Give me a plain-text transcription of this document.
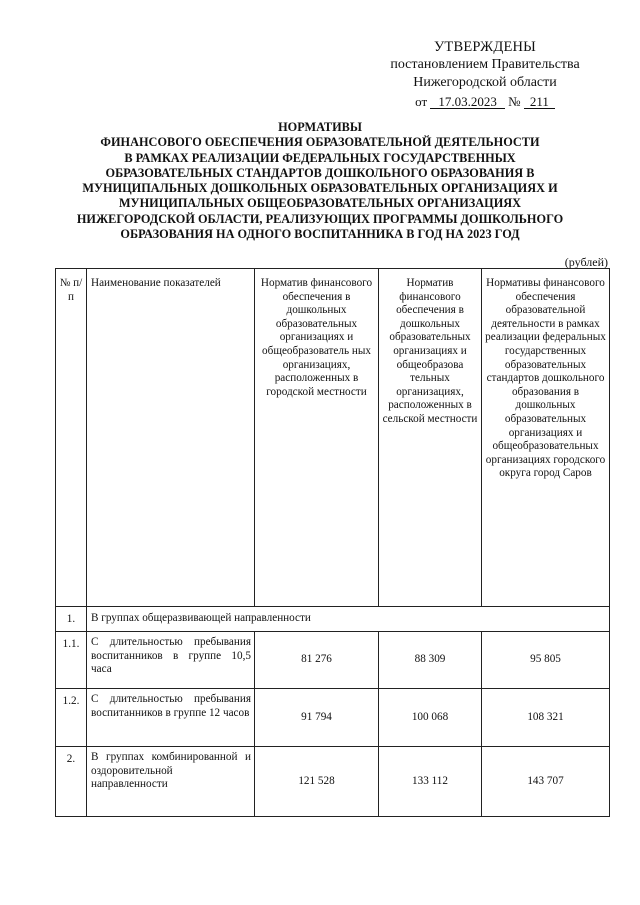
УТВЕРЖДЕНЫ
постановлением Правительства
Нижегородской области
от 17.03.2023 № 211
НОРМАТИВЫ
ФИНАНСОВОГО ОБЕСПЕЧЕНИЯ ОБРАЗОВАТЕЛЬНОЙ ДЕЯТЕЛЬНОСТИ
В РАМКАХ РЕАЛИЗАЦИИ ФЕДЕРАЛЬНЫХ ГОСУДАРСТВЕННЫХ
ОБРАЗОВАТЕЛЬНЫХ СТАНДАРТОВ ДОШКОЛЬНОГО ОБРАЗОВАНИЯ В
МУНИЦИПАЛЬНЫХ ДОШКОЛЬНЫХ ОБРАЗОВАТЕЛЬНЫХ ОРГАНИЗАЦИЯХ И
МУНИЦИПАЛЬНЫХ ОБЩЕОБРАЗОВАТЕЛЬНЫХ ОРГАНИЗАЦИЯХ
НИЖЕГОРОДСКОЙ ОБЛАСТИ, РЕАЛИЗУЮЩИХ ПРОГРАММЫ ДОШКОЛЬНОГО
ОБРАЗОВАНИЯ НА ОДНОГО ВОСПИТАННИКА В ГОД НА 2023 ГОД
(рублей)
№ п/п	Наименование показателей	Норматив финансового обеспечения в дошкольных образовательных организациях и общеобразователь ных организациях, расположенных в городской местности	Норматив финансового обеспечения в дошкольных образовательных организациях и общеобразова тельных организациях, расположенных в сельской местности	Нормативы финансового обеспечения образовательной деятельности в рамках реализации федеральных государственных образовательных стандартов дошкольного образования в дошкольных образовательных организациях и общеобразовательных организациях городского округа город Саров
1.	В группах общеразвивающей направленности			
1.1.	С длительностью пребывания воспитанников в группе 10,5 часа	81 276	88 309	95 805
1.2.	С длительностью пребывания воспитанников в группе 12 часов	91 794	100 068	108 321
2.	В группах комбинированной и оздоровительной направленности	121 528	133 112	143 707
